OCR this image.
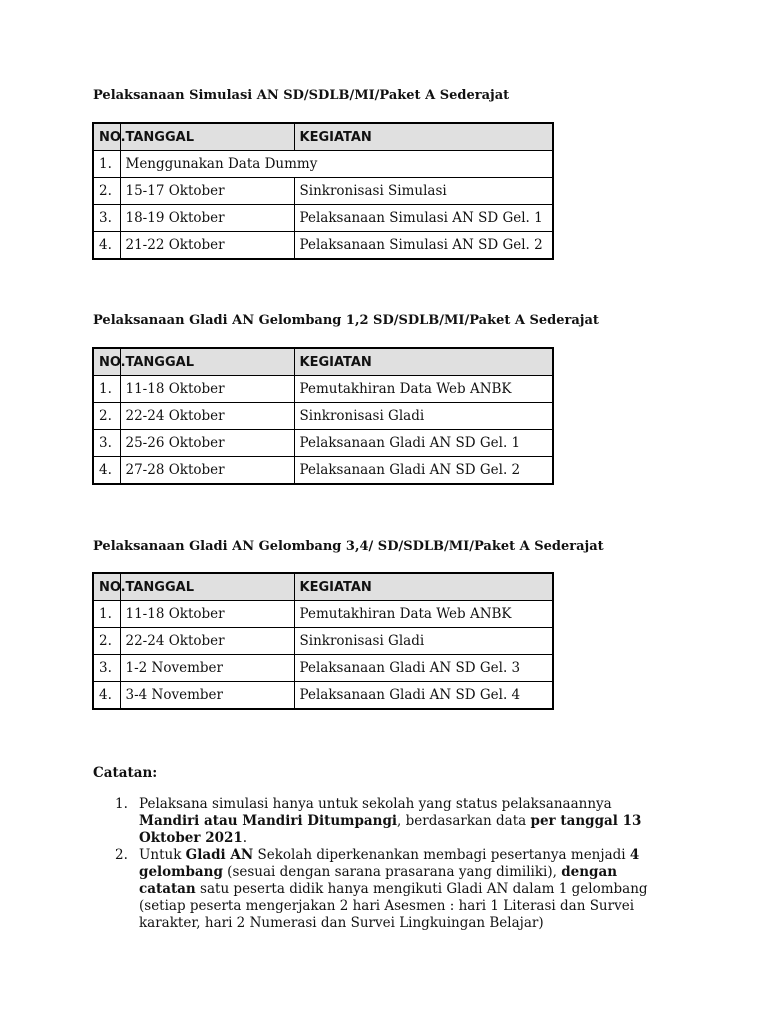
Pelaksanaan Simulasi AN SD/SDLB/MI/Paket A Sederajat
NO.	TANGGAL	KEGIATAN
1.	Menggunakan Data Dummy	
2.	15-17 Oktober	Sinkronisasi Simulasi
3.	18-19 Oktober	Pelaksanaan Simulasi AN SD Gel. 1
4.	21-22 Oktober	Pelaksanaan Simulasi AN SD Gel. 2
Pelaksanaan Gladi AN Gelombang 1,2 SD/SDLB/MI/Paket A Sederajat
NO.	TANGGAL	KEGIATAN
1.	11-18 Oktober	Pemutakhiran Data Web ANBK
2.	22-24 Oktober	Sinkronisasi Gladi
3.	25-26 Oktober	Pelaksanaan Gladi AN SD Gel. 1
4.	27-28 Oktober	Pelaksanaan Gladi AN SD Gel. 2
Pelaksanaan Gladi AN Gelombang 3,4/ SD/SDLB/MI/Paket A Sederajat
NO.	TANGGAL	KEGIATAN
1.	11-18 Oktober	Pemutakhiran Data Web ANBK
2.	22-24 Oktober	Sinkronisasi Gladi
3.	1-2 November	Pelaksanaan Gladi AN SD Gel. 3
4.	3-4 November	Pelaksanaan Gladi AN SD Gel. 4
Catatan:
1. Pelaksana simulasi hanya untuk sekolah yang status pelaksanaannya Mandiri atau Mandiri Ditumpangi, berdasarkan data per tanggal 13 Oktober 2021.
2. Untuk Gladi AN Sekolah diperkenankan membagi pesertanya menjadi 4 gelombang (sesuai dengan sarana prasarana yang dimiliki), dengan catatan satu peserta didik hanya mengikuti Gladi AN dalam 1 gelombang (setiap peserta mengerjakan 2 hari Asesmen : hari 1 Literasi dan Survei karakter, hari 2 Numerasi dan Survei Lingkuingan Belajar)
